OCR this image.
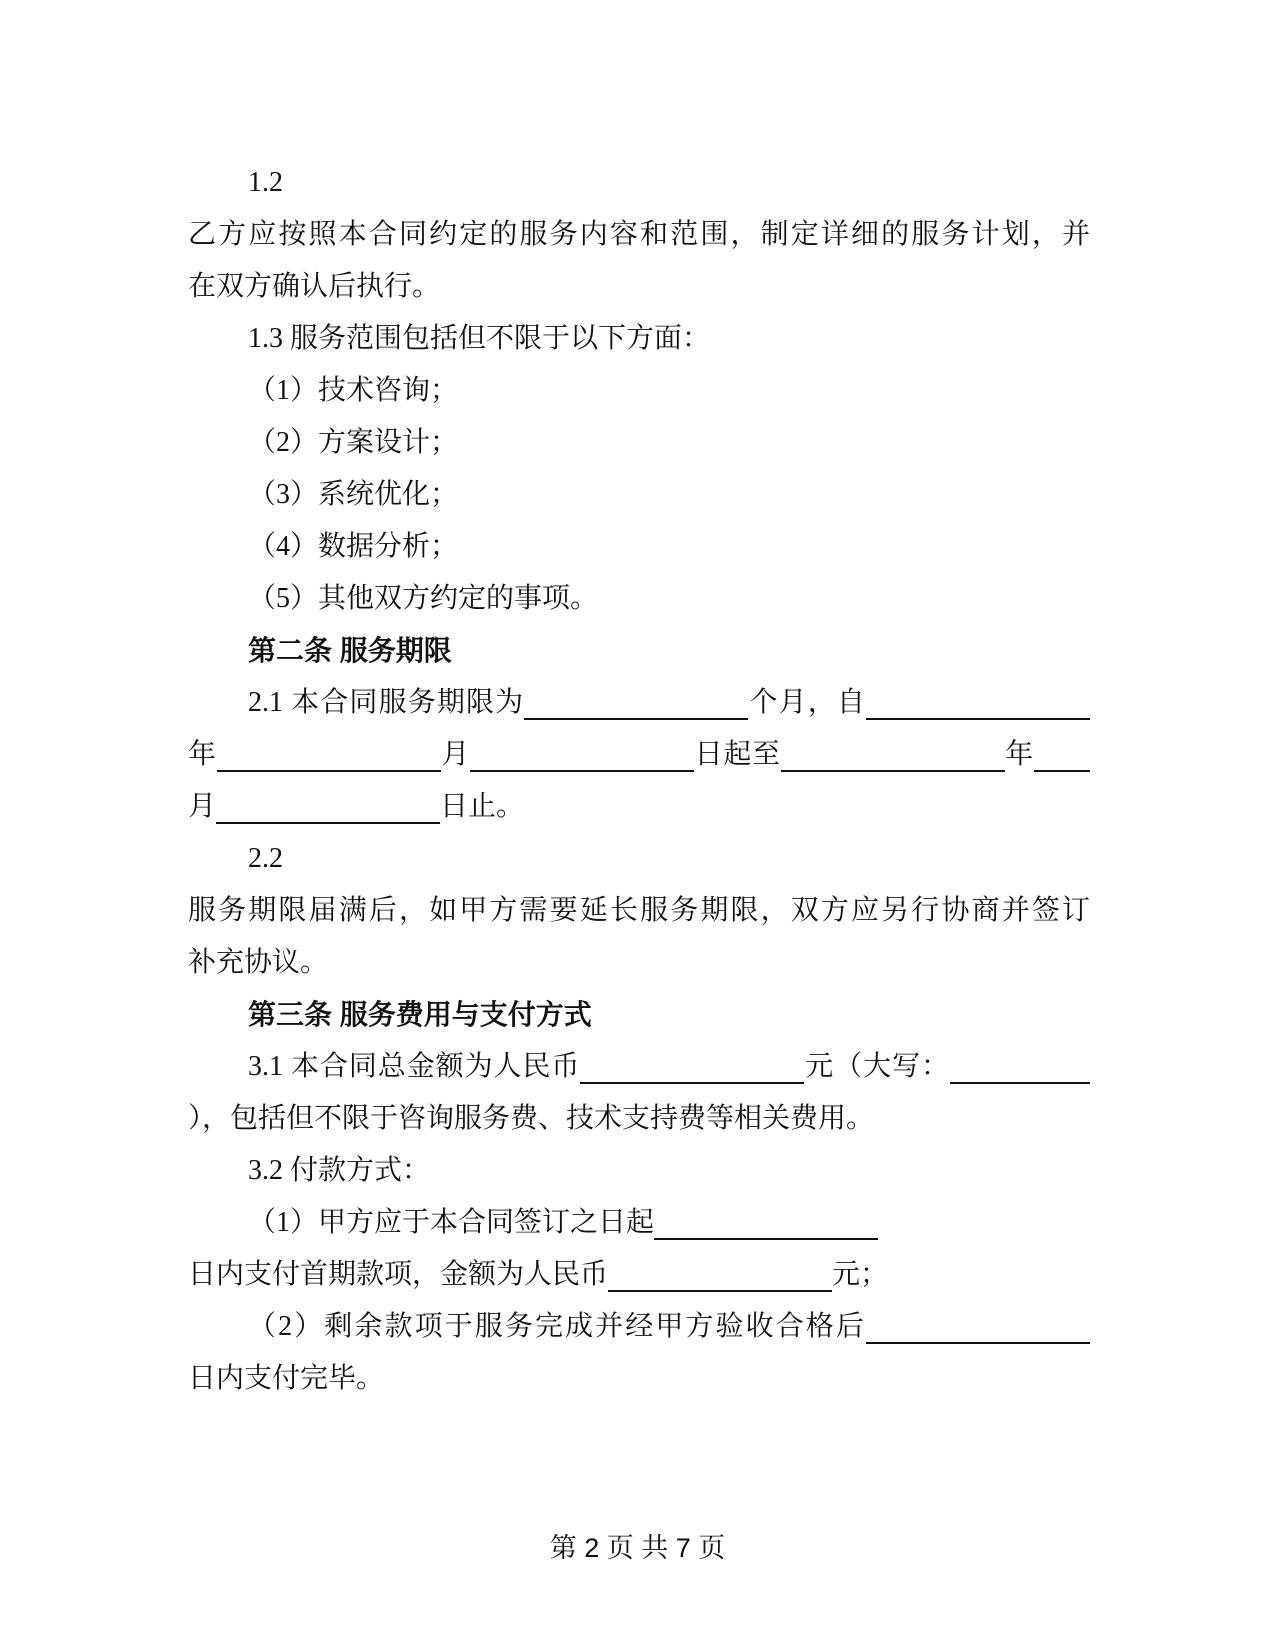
1.2
乙方应按照本合同约定的服务内容和范围，制定详细的服务计划，并
在双方确认后执行。
1.3 服务范围包括但不限于以下方面：
（1）技术咨询；
（2）方案设计；
（3）系统优化；
（4）数据分析；
（5）其他双方约定的事项。
第二条 服务期限
2.1 本合同服务期限为	个月，自
年	月	日起至	年
月	日止。
2.2
服务期限届满后，如甲方需要延长服务期限，双方应另行协商并签订
补充协议。
第三条 服务费用与支付方式
3.1 本合同总金额为人民币	元（大写：
），包括但不限于咨询服务费、技术支持费等相关费用。
3.2 付款方式：
（1）甲方应于本合同签订之日起
日内支付首期款项，金额为人民币	元；
（2）剩余款项于服务完成并经甲方验收合格后
日内支付完毕。
第 2 页 共 7 页
